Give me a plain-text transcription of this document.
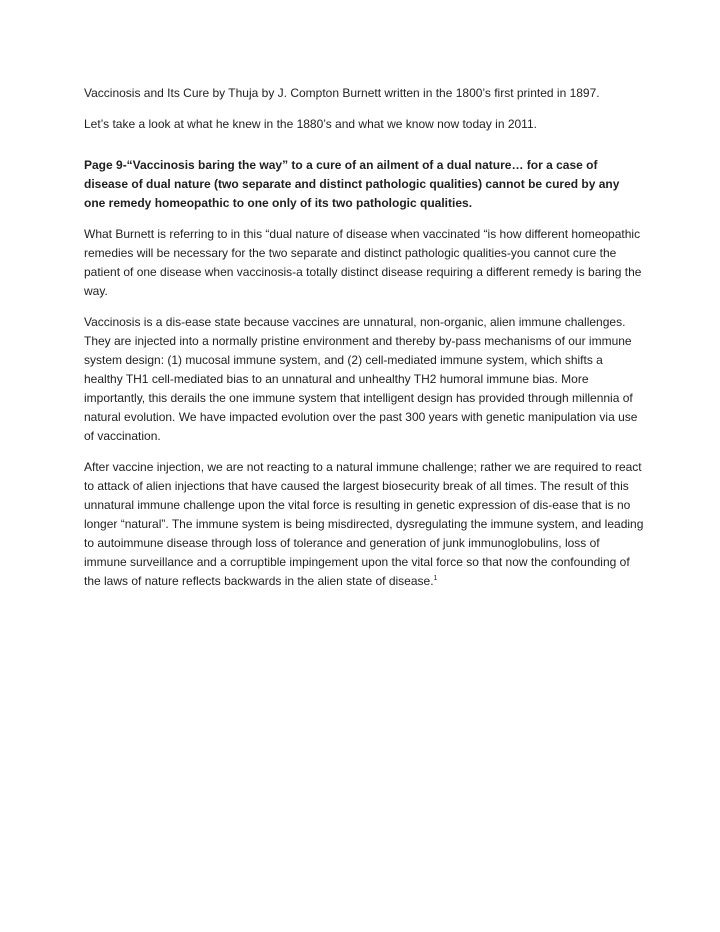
Vaccinosis and Its Cure by Thuja by J. Compton Burnett written in the 1800’s first printed in 1897.

Let’s take a look at what he knew in the 1880’s and what we know now today in 2011.

Page 9-“Vaccinosis baring the way” to a cure of an ailment of a dual nature… for a case of disease of dual nature (two separate and distinct pathologic qualities) cannot be cured by any one remedy homeopathic to one only of its two pathologic qualities.

What Burnett is referring to in this “dual nature of disease when vaccinated “is how different homeopathic remedies will be necessary for the two separate and distinct pathologic qualities-you cannot cure the patient of one disease when vaccinosis-a totally distinct disease requiring a different remedy is baring the way.

Vaccinosis is a dis-ease state because vaccines are unnatural, non-organic, alien immune challenges. They are injected into a normally pristine environment and thereby by-pass mechanisms of our immune system design: (1) mucosal immune system, and (2) cell-mediated immune system, which shifts a healthy TH1 cell-mediated bias to an unnatural and unhealthy TH2 humoral immune bias. More importantly, this derails the one immune system that intelligent design has provided through millennia of natural evolution. We have impacted evolution over the past 300 years with genetic manipulation via use of vaccination.

After vaccine injection, we are not reacting to a natural immune challenge; rather we are required to react to attack of alien injections that have caused the largest biosecurity break of all times. The result of this unnatural immune challenge upon the vital force is resulting in genetic expression of dis-ease that is no longer “natural”. The immune system is being misdirected, dysregulating the immune system, and leading to autoimmune disease through loss of tolerance and generation of junk immunoglobulins, loss of immune surveillance and a corruptible impingement upon the vital force so that now the confounding of the laws of nature reflects backwards in the alien state of disease.$^1$
